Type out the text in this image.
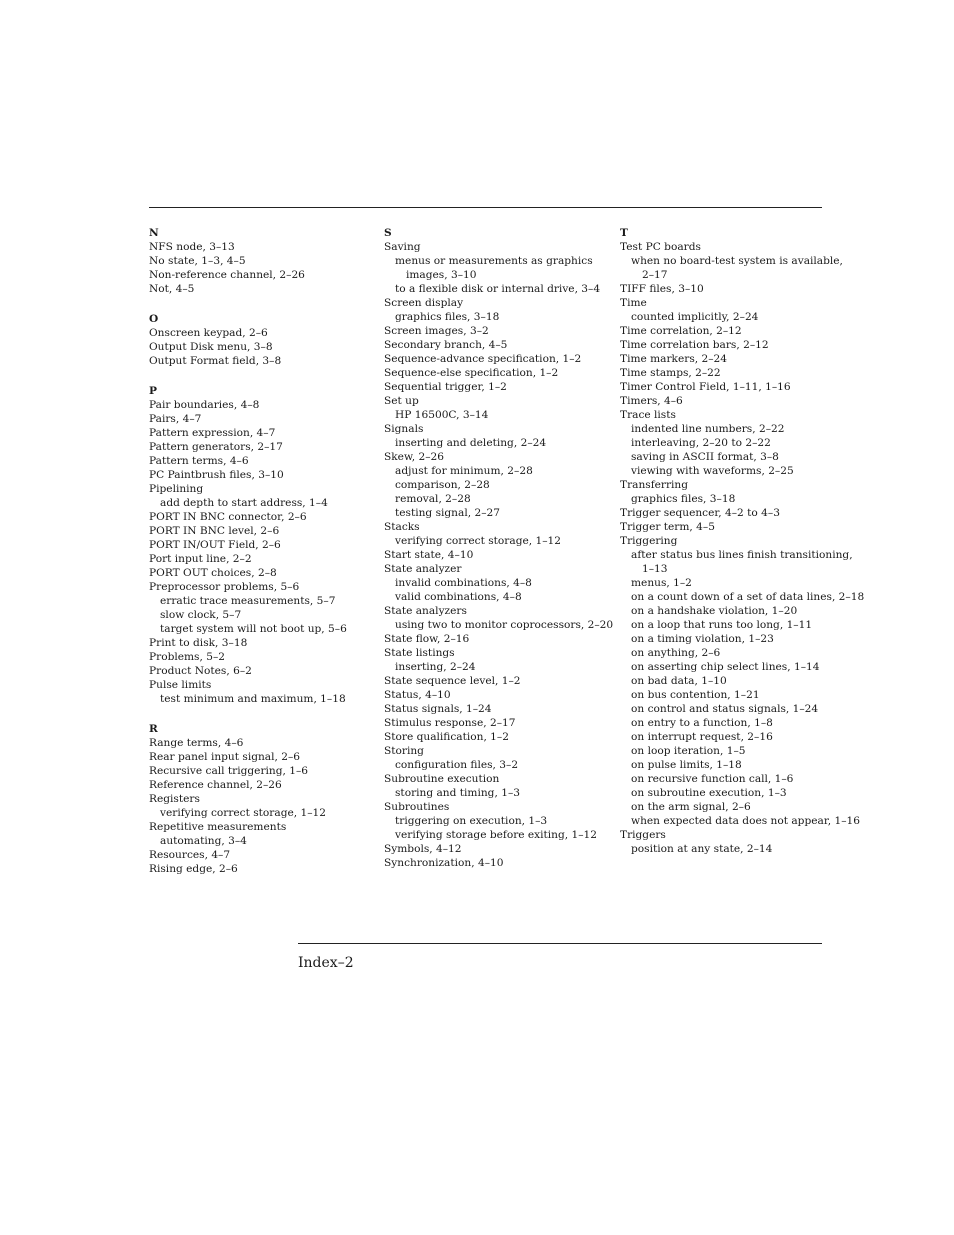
N
NFS node, 3–13
No state, 1–3, 4–5
Non-reference channel, 2–26
Not, 4–5
O
Onscreen keypad, 2–6
Output Disk menu, 3–8
Output Format field, 3–8
P
Pair boundaries, 4–8
Pairs, 4–7
Pattern expression, 4–7
Pattern generators, 2–17
Pattern terms, 4–6
PC Paintbrush files, 3–10
Pipelining
add depth to start address, 1–4
PORT IN BNC connector, 2–6
PORT IN BNC level, 2–6
PORT IN/OUT Field, 2–6
Port input line, 2–2
PORT OUT choices, 2–8
Preprocessor problems, 5–6
erratic trace measurements, 5–7
slow clock, 5–7
target system will not boot up, 5–6
Print to disk, 3–18
Problems, 5–2
Product Notes, 6–2
Pulse limits
test minimum and maximum, 1–18
R
Range terms, 4–6
Rear panel input signal, 2–6
Recursive call triggering, 1–6
Reference channel, 2–26
Registers
verifying correct storage, 1–12
Repetitive measurements
automating, 3–4
Resources, 4–7
Rising edge, 2–6
S
Saving
menus or measurements as graphics
images, 3–10
to a flexible disk or internal drive, 3–4
Screen display
graphics files, 3–18
Screen images, 3–2
Secondary branch, 4–5
Sequence-advance specification, 1–2
Sequence-else specification, 1–2
Sequential trigger, 1–2
Set up
HP 16500C, 3–14
Signals
inserting and deleting, 2–24
Skew, 2–26
adjust for minimum, 2–28
comparison, 2–28
removal, 2–28
testing signal, 2–27
Stacks
verifying correct storage, 1–12
Start state, 4–10
State analyzer
invalid combinations, 4–8
valid combinations, 4–8
State analyzers
using two to monitor coprocessors, 2–20
State flow, 2–16
State listings
inserting, 2–24
State sequence level, 1–2
Status, 4–10
Status signals, 1–24
Stimulus response, 2–17
Store qualification, 1–2
Storing
configuration files, 3–2
Subroutine execution
storing and timing, 1–3
Subroutines
triggering on execution, 1–3
verifying storage before exiting, 1–12
Symbols, 4–12
Synchronization, 4–10
T
Test PC boards
when no board-test system is available,
2–17
TIFF files, 3–10
Time
counted implicitly, 2–24
Time correlation, 2–12
Time correlation bars, 2–12
Time markers, 2–24
Time stamps, 2–22
Timer Control Field, 1–11, 1–16
Timers, 4–6
Trace lists
indented line numbers, 2–22
interleaving, 2–20 to 2–22
saving in ASCII format, 3–8
viewing with waveforms, 2–25
Transferring
graphics files, 3–18
Trigger sequencer, 4–2 to 4–3
Trigger term, 4–5
Triggering
after status bus lines finish transitioning,
1–13
menus, 1–2
on a count down of a set of data lines, 2–18
on a handshake violation, 1–20
on a loop that runs too long, 1–11
on a timing violation, 1–23
on anything, 2–6
on asserting chip select lines, 1–14
on bad data, 1–10
on bus contention, 1–21
on control and status signals, 1–24
on entry to a function, 1–8
on interrupt request, 2–16
on loop iteration, 1–5
on pulse limits, 1–18
on recursive function call, 1–6
on subroutine execution, 1–3
on the arm signal, 2–6
when expected data does not appear, 1–16
Triggers
position at any state, 2–14
Index–2
